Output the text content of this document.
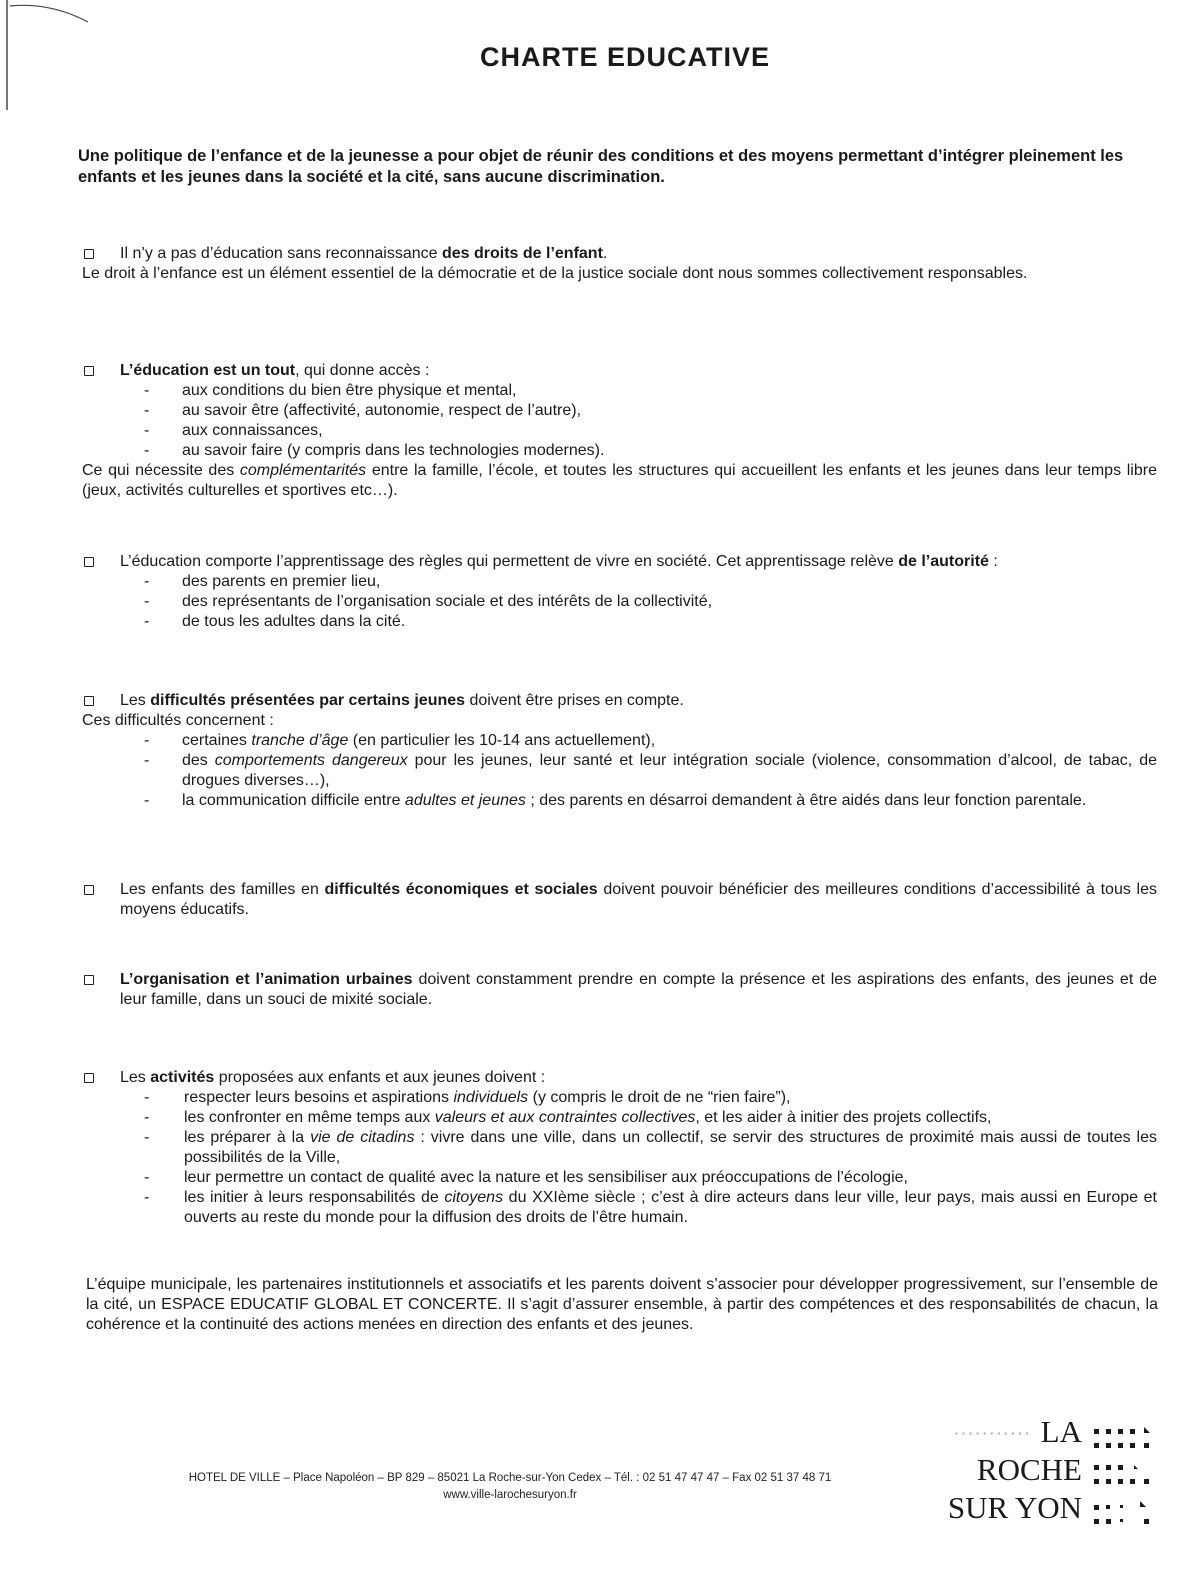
CHARTE EDUCATIVE
Une politique de l’enfance et de la jeunesse a pour objet de réunir des conditions et des moyens permettant d’intégrer pleinement les enfants et les jeunes dans la société et la cité, sans aucune discrimination.
Il n’y a pas d’éducation sans reconnaissance des droits de l’enfant.
Le droit à l’enfance est un élément essentiel de la démocratie et de la justice sociale dont nous sommes collectivement responsables.
L’éducation est un tout, qui donne accès :
- aux conditions du bien être physique et mental,
- au savoir être (affectivité, autonomie, respect de l’autre),
- aux connaissances,
- au savoir faire (y compris dans les technologies modernes).
Ce qui nécessite des complémentarités entre la famille, l’école, et toutes les structures qui accueillent les enfants et les jeunes dans leur temps libre (jeux, activités culturelles et sportives etc…).
L’éducation comporte l’apprentissage des règles qui permettent de vivre en société. Cet apprentissage relève de l’autorité :
- des parents en premier lieu,
- des représentants de l’organisation sociale et des intérêts de la collectivité,
- de tous les adultes dans la cité.
Les difficultés présentées par certains jeunes doivent être prises en compte.
Ces difficultés concernent :
- certaines tranche d’âge (en particulier les 10-14 ans actuellement),
- des comportements dangereux pour les jeunes, leur santé et leur intégration sociale (violence, consommation d’alcool, de tabac, de drogues diverses…),
- la communication difficile entre adultes et jeunes ; des parents en désarroi demandent à être aidés dans leur fonction parentale.
Les enfants des familles en difficultés économiques et sociales doivent pouvoir bénéficier des meilleures conditions d’accessibilité à tous les moyens éducatifs.
L’organisation et l’animation urbaines doivent constamment prendre en compte la présence et les aspirations des enfants, des jeunes et de leur famille, dans un souci de mixité sociale.
Les activités proposées aux enfants et aux jeunes doivent :
- respecter leurs besoins et aspirations individuels (y compris le droit de ne “rien faire”),
- les confronter en même temps aux valeurs et aux contraintes collectives, et les aider à initier des projets collectifs,
- les préparer à la vie de citadins : vivre dans une ville, dans un collectif, se servir des structures de proximité mais aussi de toutes les possibilités de la Ville,
- leur permettre un contact de qualité avec la nature et les sensibiliser aux préoccupations de l’écologie,
- les initier à leurs responsabilités de citoyens du XXIème siècle ; c’est à dire acteurs dans leur ville, leur pays, mais aussi en Europe et ouverts au reste du monde pour la diffusion des droits de l’être humain.
L’équipe municipale, les partenaires institutionnels et associatifs et les parents doivent s’associer pour développer progressivement, sur l’ensemble de la cité, un ESPACE EDUCATIF GLOBAL ET CONCERTE. Il s’agit d’assurer ensemble, à partir des compétences et des responsabilités de chacun, la cohérence et la continuité des actions menées en direction des enfants et des jeunes.
HOTEL DE VILLE – Place Napoléon – BP 829 – 85021 La Roche-sur-Yon Cedex – Tél. : 02 51 47 47 47 – Fax 02 51 37 48 71
www.ville-larochesuryon.fr
▪ ▪ ▪ ▪ ▪ ▪ ▪ ▪ ▪ ▪ ▪ LA
ROCHE
SUR YON
